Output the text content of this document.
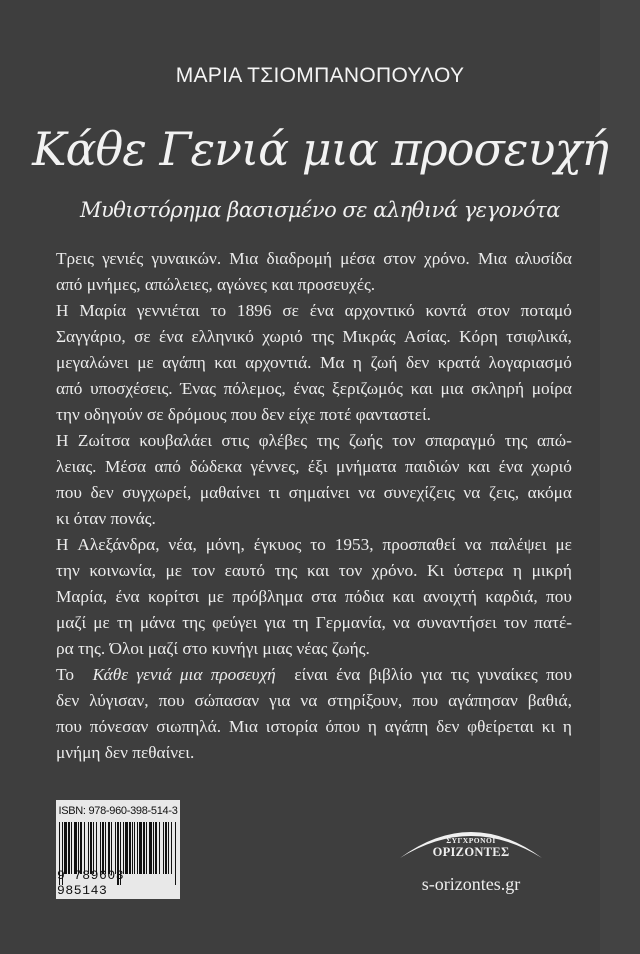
ΜΑΡΙΑ ΤΣΙΟΜΠΑΝΟΠΟΥΛΟΥ
Κάθε Γενιά μια προσευχή
Μυθιστόρημα βασισμένο σε αληθινά γεγονότα
Τρεις γενιές γυναικών. Μια διαδρομή μέσα στον χρόνο. Μια αλυσίδα
από μνήμες, απώλειες, αγώνες και προσευχές.
Η Μαρία γεννιέται το 1896 σε ένα αρχοντικό κοντά στον ποταμό
Σαγγάριο, σε ένα ελληνικό χωριό της Μικράς Ασίας. Κόρη τσιφλικά,
μεγαλώνει με αγάπη και αρχοντιά. Μα η ζωή δεν κρατά λογαριασμό
από υποσχέσεις. Ένας πόλεμος, ένας ξεριζωμός και μια σκληρή μοίρα
την οδηγούν σε δρόμους που δεν είχε ποτέ φανταστεί.
Η Ζωίτσα κουβαλάει στις φλέβες της ζωής τον σπαραγμό της απώ-
λειας. Μέσα από δώδεκα γέννες, έξι μνήματα παιδιών και ένα χωριό
που δεν συγχωρεί, μαθαίνει τι σημαίνει να συνεχίζεις να ζεις, ακόμα
κι όταν πονάς.
Η Αλεξάνδρα, νέα, μόνη, έγκυος το 1953, προσπαθεί να παλέψει με
την κοινωνία, με τον εαυτό της και τον χρόνο. Κι ύστερα η μικρή
Μαρία, ένα κορίτσι με πρόβλημα στα πόδια και ανοιχτή καρδιά, που
μαζί με τη μάνα της φεύγει για τη Γερμανία, να συναντήσει τον πατέ-
ρα της. Όλοι μαζί στο κυνήγι μιας νέας ζωής.
Το Κάθε γενιά μια προσευχή είναι ένα βιβλίο για τις γυναίκες που
δεν λύγισαν, που σώπασαν για να στηρίξουν, που αγάπησαν βαθιά,
που πόνεσαν σιωπηλά. Μια ιστορία όπου η αγάπη δεν φθείρεται κι η
μνήμη δεν πεθαίνει.
ISBN: 978-960-398-514-3
9 789603 985143
ΣΥΓΧΡΟΝΟΙ
ΟΡΙΖΟΝΤΕΣ
s-orizontes.gr
